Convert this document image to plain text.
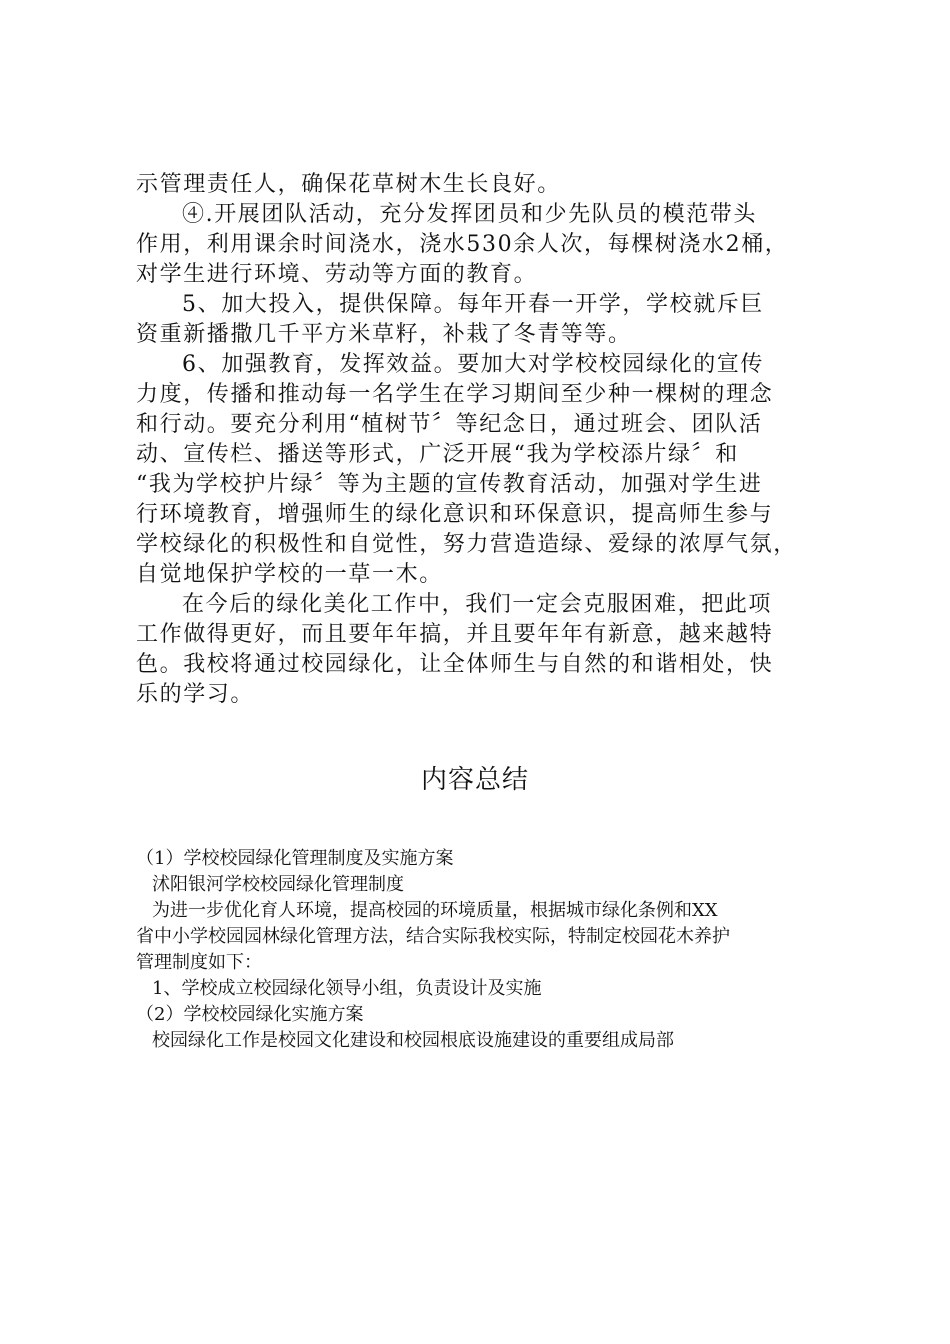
示管理责任人，确保花草树木生长良好。
④.开展团队活动，充分发挥团员和少先队员的模范带头
作用，利用课余时间浇水，浇水530余人次，每棵树浇水2桶，
对学生进行环境、劳动等方面的教育。
5、加大投入，提供保障。每年开春一开学，学校就斥巨
资重新播撒几千平方米草籽，补栽了冬青等等。
6、加强教育，发挥效益。要加大对学校校园绿化的宣传
力度，传播和推动每一名学生在学习期间至少种一棵树的理念
和行动。要充分利用“植树节〞等纪念日，通过班会、团队活
动、宣传栏、播送等形式，广泛开展“我为学校添片绿〞和
“我为学校护片绿〞等为主题的宣传教育活动，加强对学生进
行环境教育，增强师生的绿化意识和环保意识，提高师生参与
学校绿化的积极性和自觉性，努力营造造绿、爱绿的浓厚气氛，
自觉地保护学校的一草一木。
在今后的绿化美化工作中，我们一定会克服困难，把此项
工作做得更好，而且要年年搞，并且要年年有新意，越来越特
色。我校将通过校园绿化，让全体师生与自然的和谐相处，快
乐的学习。
内容总结
（1）学校校园绿化管理制度及实施方案
沭阳银河学校校园绿化管理制度
为进一步优化育人环境，提高校园的环境质量，根据城市绿化条例和XX
省中小学校园园林绿化管理方法，结合实际我校实际，特制定校园花木养护
管理制度如下：
1、学校成立校园绿化领导小组，负责设计及实施
（2）学校校园绿化实施方案
校园绿化工作是校园文化建设和校园根底设施建设的重要组成局部
